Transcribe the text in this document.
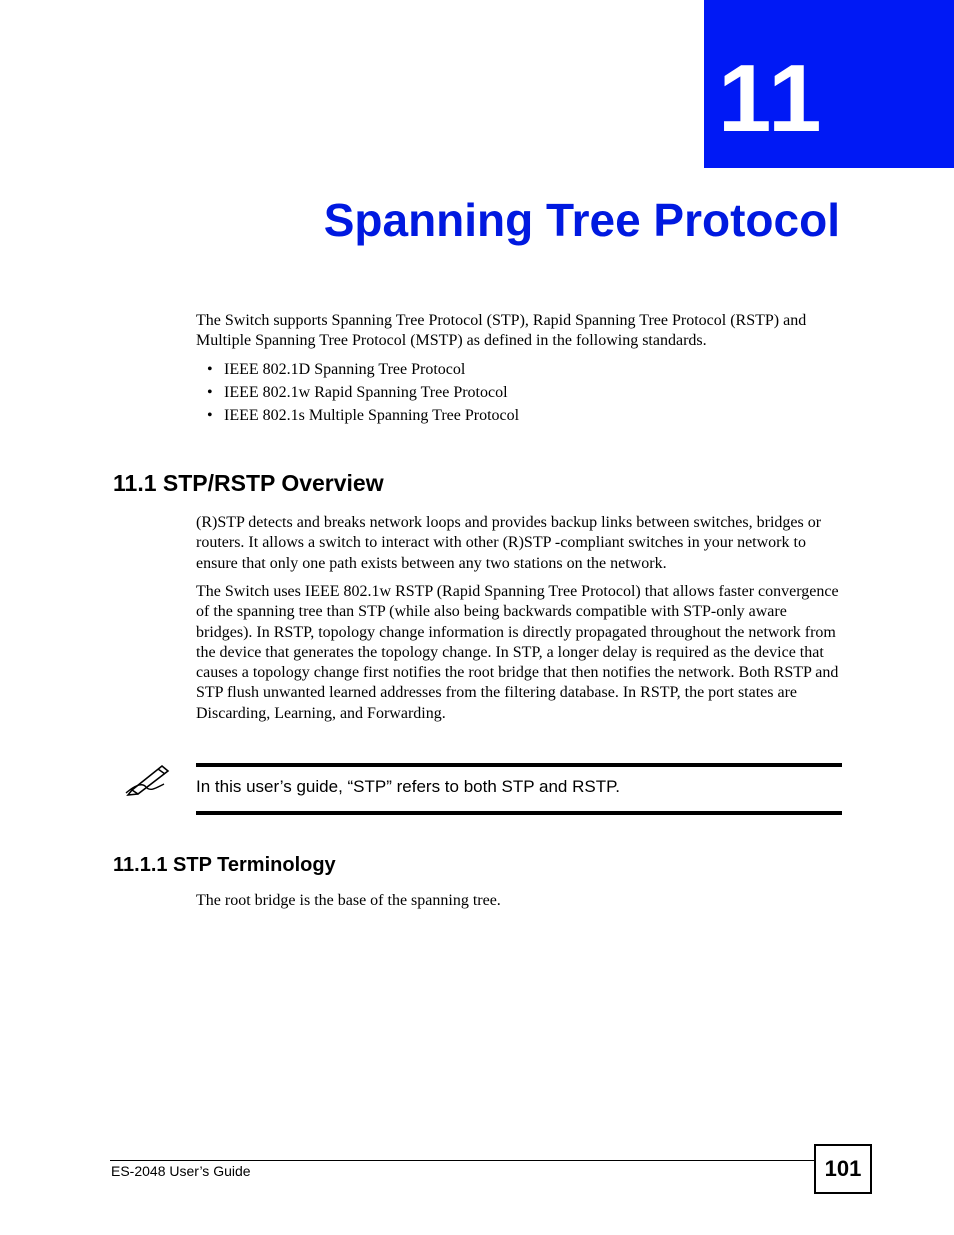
11
Spanning Tree Protocol

The Switch supports Spanning Tree Protocol (STP), Rapid Spanning Tree Protocol (RSTP) and Multiple Spanning Tree Protocol (MSTP) as defined in the following standards.

• IEEE 802.1D Spanning Tree Protocol
• IEEE 802.1w Rapid Spanning Tree Protocol
• IEEE 802.1s Multiple Spanning Tree Protocol
11.1 STP/RSTP Overview

(R)STP detects and breaks network loops and provides backup links between switches, bridges or routers. It allows a switch to interact with other (R)STP -compliant switches in your network to ensure that only one path exists between any two stations on the network.

The Switch uses IEEE 802.1w RSTP (Rapid Spanning Tree Protocol) that allows faster convergence of the spanning tree than STP (while also being backwards compatible with STP-only aware bridges). In RSTP, topology change information is directly propagated throughout the network from the device that generates the topology change. In STP, a longer delay is required as the device that causes a topology change first notifies the root bridge that then notifies the network. Both RSTP and STP flush unwanted learned addresses from the filtering database. In RSTP, the port states are Discarding, Learning, and Forwarding.

In this user’s guide, “STP” refers to both STP and RSTP.
11.1.1 STP Terminology

The root bridge is the base of the spanning tree.

ES-2048 User’s Guide	101
